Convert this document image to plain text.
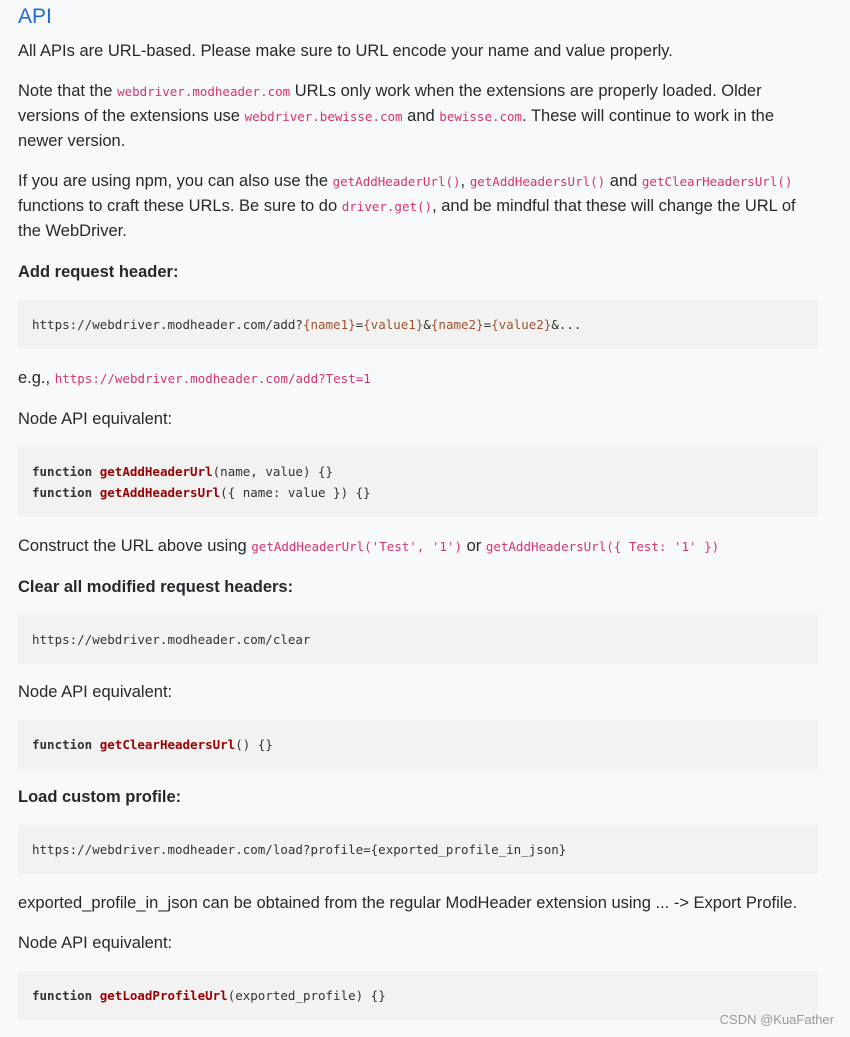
API

All APIs are URL-based. Please make sure to URL encode your name and value properly.

Note that the webdriver.modheader.com URLs only work when the extensions are properly loaded. Older versions of the extensions use webdriver.bewisse.com and bewisse.com. These will continue to work in the newer version.

If you are using npm, you can also use the getAddHeaderUrl(), getAddHeadersUrl() and getClearHeadersUrl() functions to craft these URLs. Be sure to do driver.get(), and be mindful that these will change the URL of the WebDriver.

Add request header:

https://webdriver.modheader.com/add?{name1}={value1}&{name2}={value2}&...

e.g., https://webdriver.modheader.com/add?Test=1

Node API equivalent:

function getAddHeaderUrl(name, value) {}
function getAddHeadersUrl({ name: value }) {}

Construct the URL above using getAddHeaderUrl('Test', '1') or getAddHeadersUrl({ Test: '1' })

Clear all modified request headers:

https://webdriver.modheader.com/clear

Node API equivalent:

function getClearHeadersUrl() {}

Load custom profile:

https://webdriver.modheader.com/load?profile={exported_profile_in_json}

exported_profile_in_json can be obtained from the regular ModHeader extension using ... -> Export Profile.

Node API equivalent:

function getLoadProfileUrl(exported_profile) {}
CSDN @KuaFather
